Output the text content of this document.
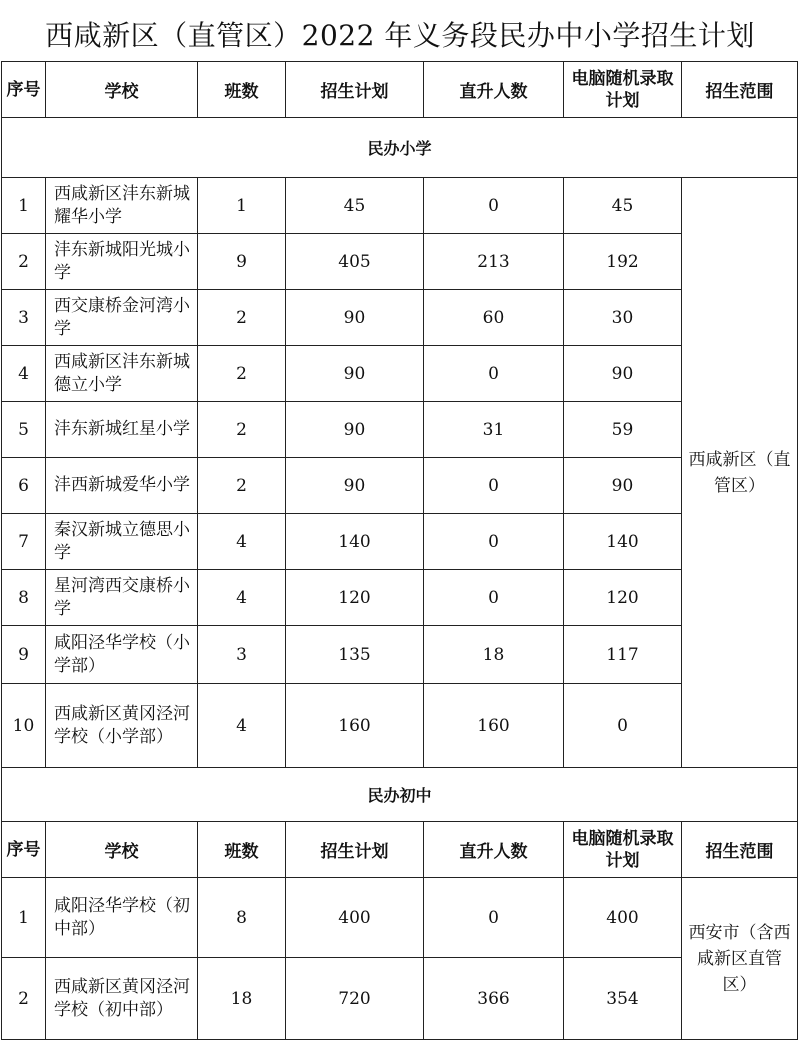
西咸新区（直管区）2022 年义务段民办中小学招生计划
序号	学校	班数	招生计划	直升人数	电脑随机录取计划	招生范围
民办小学						
1	西咸新区沣东新城耀华小学	1	45	0	45	西咸新区（直管区）
2	沣东新城阳光城小学	9	405	213	192	
3	西交康桥金河湾小学	2	90	60	30	
4	西咸新区沣东新城德立小学	2	90	0	90	
5	沣东新城红星小学	2	90	31	59	
6	沣西新城爱华小学	2	90	0	90	
7	秦汉新城立德思小学	4	140	0	140	
8	星河湾西交康桥小学	4	120	0	120	
9	咸阳泾华学校（小学部）	3	135	18	117	
10	西咸新区黄冈泾河学校（小学部）	4	160	160	0	
民办初中						
序号	学校	班数	招生计划	直升人数	电脑随机录取计划	招生范围
1	咸阳泾华学校（初中部）	8	400	0	400	西安市（含西咸新区直管区）
2	西咸新区黄冈泾河学校（初中部）	18	720	366	354	
